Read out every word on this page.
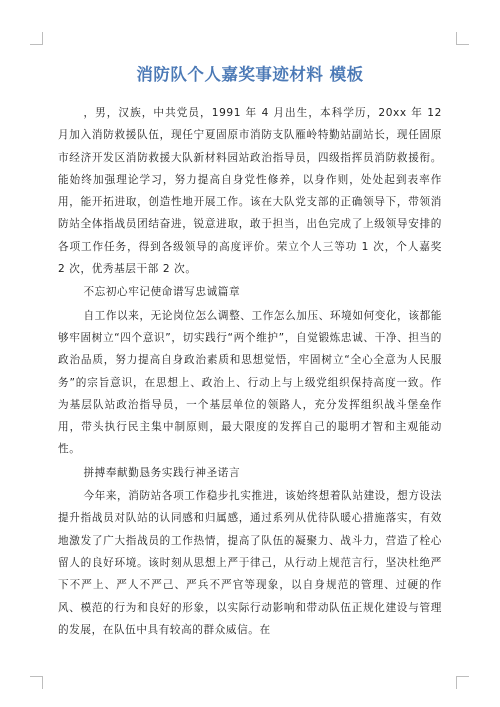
消防队个人嘉奖事迹材料 模板

，男，汉族，中共党员，1991 年 4 月出生，本科学历，20xx 年 12 月加入消防救援队伍，现任宁夏固原市消防支队雁岭特勤站副站长，现任固原市经济开发区消防救援大队新材料园站政治指导员，四级指挥员消防救援衔。能始终加强理论学习，努力提高自身党性修养，以身作则，处处起到表率作用，能开拓进取，创造性地开展工作。该在大队党支部的正确领导下，带领消防站全体指战员团结奋进，锐意进取，敢于担当，出色完成了上级领导安排的各项工作任务，得到各级领导的高度评价。荣立个人三等功 1 次，个人嘉奖 2 次，优秀基层干部 2 次。

不忘初心牢记使命谱写忠诚篇章

自工作以来，无论岗位怎么调整、工作怎么加压、环境如何变化，该都能够牢固树立“四个意识”，切实践行“两个维护”，自觉锻炼忠诚、干净、担当的政治品质，努力提高自身政治素质和思想觉悟，牢固树立“全心全意为人民服务”的宗旨意识，在思想上、政治上、行动上与上级党组织保持高度一致。作为基层队站政治指导员，一个基层单位的领路人，充分发挥组织战斗堡垒作用，带头执行民主集中制原则，最大限度的发挥自己的聪明才智和主观能动性。

拼搏奉献勤恳务实践行神圣诺言

今年来，消防站各项工作稳步扎实推进，该始终想着队站建设，想方设法提升指战员对队站的认同感和归属感，通过系列从优待队暖心措施落实，有效地激发了广大指战员的工作热情，提高了队伍的凝聚力、战斗力，营造了栓心留人的良好环境。该时刻从思想上严于律己，从行动上规范言行，坚决杜绝严下不严上、严人不严己、严兵不严官等现象，以自身规范的管理、过硬的作风、模范的行为和良好的形象，以实际行动影响和带动队伍正规化建设与管理的发展，在队伍中具有较高的群众威信。在
